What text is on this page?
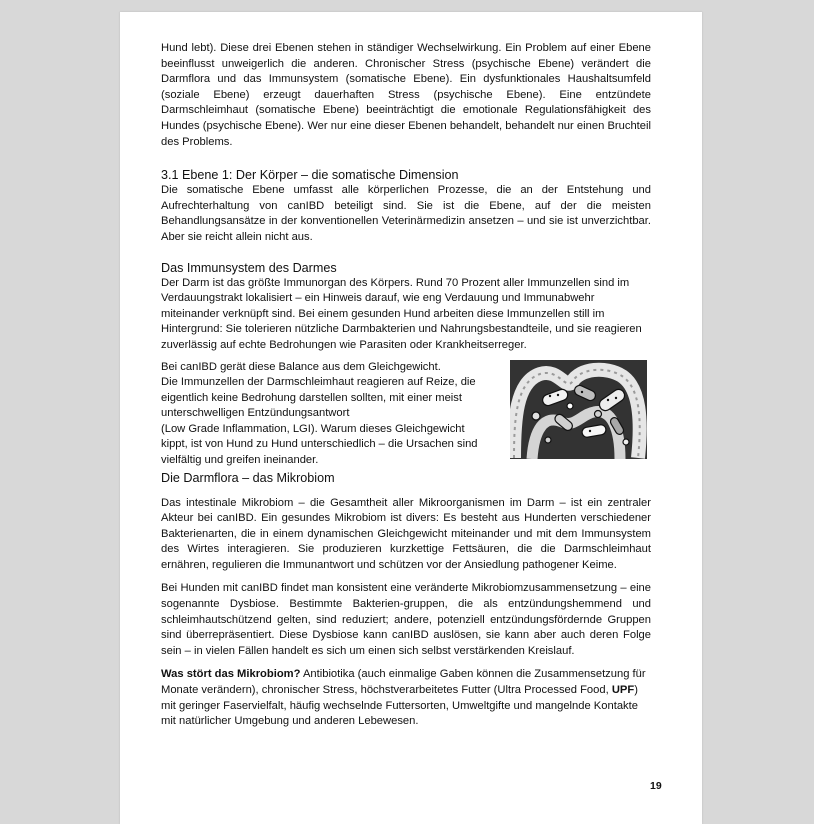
Hund lebt). Diese drei Ebenen stehen in ständiger Wechselwirkung. Ein Problem auf einer Ebene beeinflusst unweigerlich die anderen. Chronischer Stress (psychische Ebene) verändert die Darmflora und das Immunsystem (somatische Ebene). Ein dysfunktionales Haushaltsumfeld (soziale Ebene) erzeugt dauerhaften Stress (psychische Ebene). Eine entzündete Darmschleimhaut (somatische Ebene) beeinträchtigt die emotionale Regulationsfähigkeit des Hundes (psychische Ebene). Wer nur eine dieser Ebenen behandelt, behandelt nur einen Bruchteil des Problems.

3.1 Ebene 1: Der Körper – die somatische Dimension

Die somatische Ebene umfasst alle körperlichen Prozesse, die an der Entstehung und Aufrechterhaltung von canIBD beteiligt sind. Sie ist die Ebene, auf der die meisten Behandlungsansätze in der konventionellen Veterinärmedizin ansetzen – und sie ist unverzichtbar. Aber sie reicht allein nicht aus.

Das Immunsystem des Darmes

Der Darm ist das größte Immunorgan des Körpers. Rund 70 Prozent aller Immunzellen sind im Verdauungstrakt lokalisiert – ein Hinweis darauf, wie eng Verdauung und Immunabwehr miteinander verknüpft sind. Bei einem gesunden Hund arbeiten diese Immunzellen still im Hintergrund: Sie tolerieren nützliche Darmbakterien und Nahrungsbestandteile, und sie reagieren zuverlässig auf echte Bedrohungen wie Parasiten oder Krankheitserreger.

Bei canIBD gerät diese Balance aus dem Gleichgewicht.
Die Immunzellen der Darmschleimhaut reagieren auf Reize, die eigentlich keine Bedrohung darstellen sollten, mit einer meist unterschwelligen Entzündungsantwort
(Low Grade Inflammation, LGI). Warum dieses Gleichgewicht kippt, ist von Hund zu Hund unterschiedlich – die Ursachen sind vielfältig und greifen ineinander.
Die Darmflora – das Mikrobiom

Das intestinale Mikrobiom – die Gesamtheit aller Mikroorganismen im Darm – ist ein zentraler Akteur bei canIBD. Ein gesundes Mikrobiom ist divers: Es besteht aus Hunderten verschiedener Bakterienarten, die in einem dynamischen Gleichgewicht miteinander und mit dem Immunsystem des Wirtes interagieren. Sie produzieren kurzkettige Fettsäuren, die die Darmschleimhaut ernähren, regulieren die Immunantwort und schützen vor der Ansiedlung pathogener Keime.

Bei Hunden mit canIBD findet man konsistent eine veränderte Mikrobiomzusammensetzung – eine sogenannte Dysbiose. Bestimmte Bakterien-gruppen, die als entzündungshemmend und schleimhautschützend gelten, sind reduziert; andere, potenziell entzündungsfördernde Gruppen sind überrepräsentiert. Diese Dysbiose kann canIBD auslösen, sie kann aber auch deren Folge sein – in vielen Fällen handelt es sich um einen sich selbst verstärkenden Kreislauf.

Was stört das Mikrobiom? Antibiotika (auch einmalige Gaben können die Zusammensetzung für Monate verändern), chronischer Stress, höchstverarbeitetes Futter (Ultra Processed Food, UPF) mit geringer Faservielfalt, häufig wechselnde Futtersorten, Umweltgifte und mangelnde Kontakte mit natürlicher Umgebung und anderen Lebewesen.

19
